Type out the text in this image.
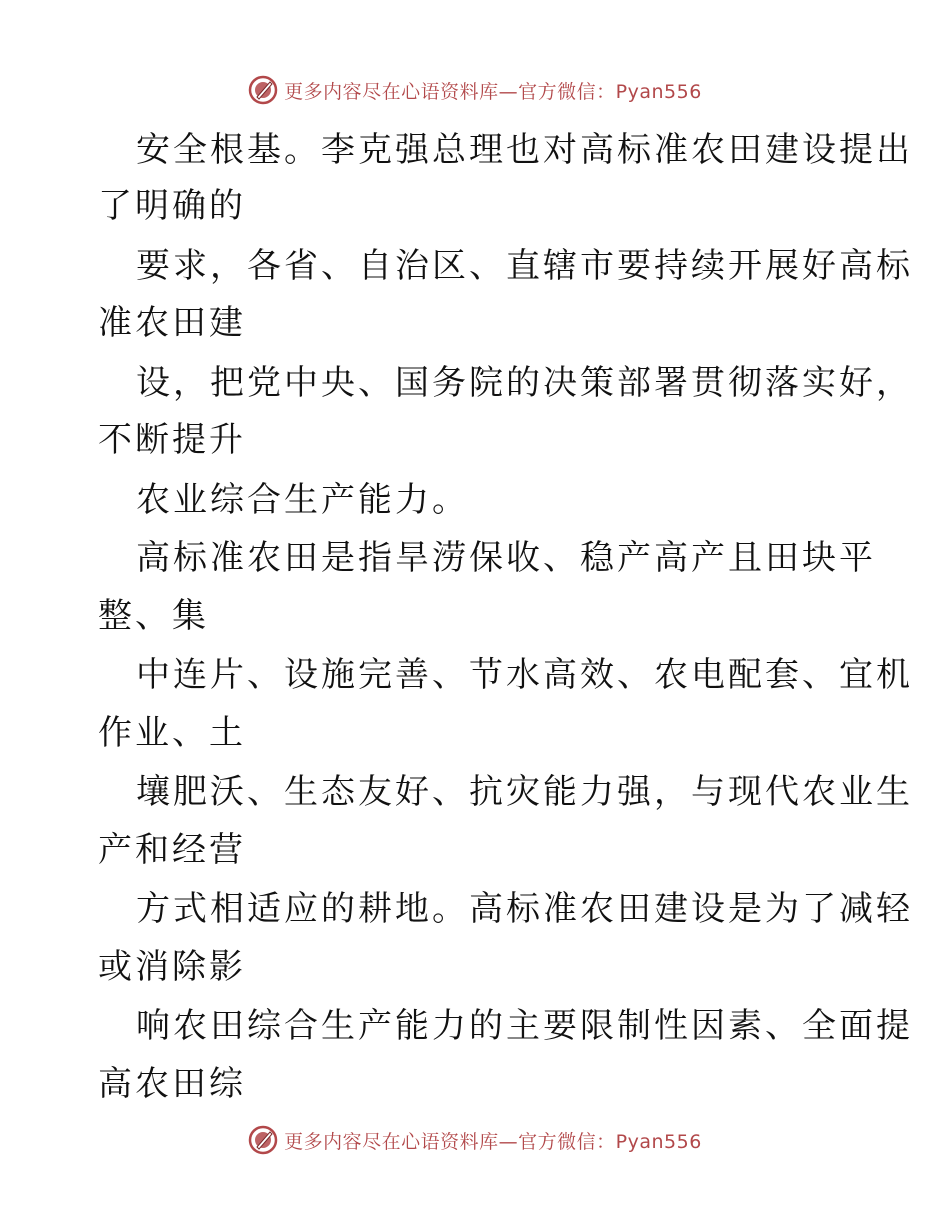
更多内容尽在心语资料库—官方微信：Pyan556
安全根基。李克强总理也对高标准农田建设提出
了明确的
要求，各省、自治区、直辖市要持续开展好高标
准农田建
设，把党中央、国务院的决策部署贯彻落实好，
不断提升
农业综合生产能力。
高标准农田是指旱涝保收、稳产高产且田块平
整、集
中连片、设施完善、节水高效、农电配套、宜机
作业、土
壤肥沃、生态友好、抗灾能力强，与现代农业生
产和经营
方式相适应的耕地。高标准农田建设是为了减轻
或消除影
响农田综合生产能力的主要限制性因素、全面提
高农田综
更多内容尽在心语资料库—官方微信：Pyan556
